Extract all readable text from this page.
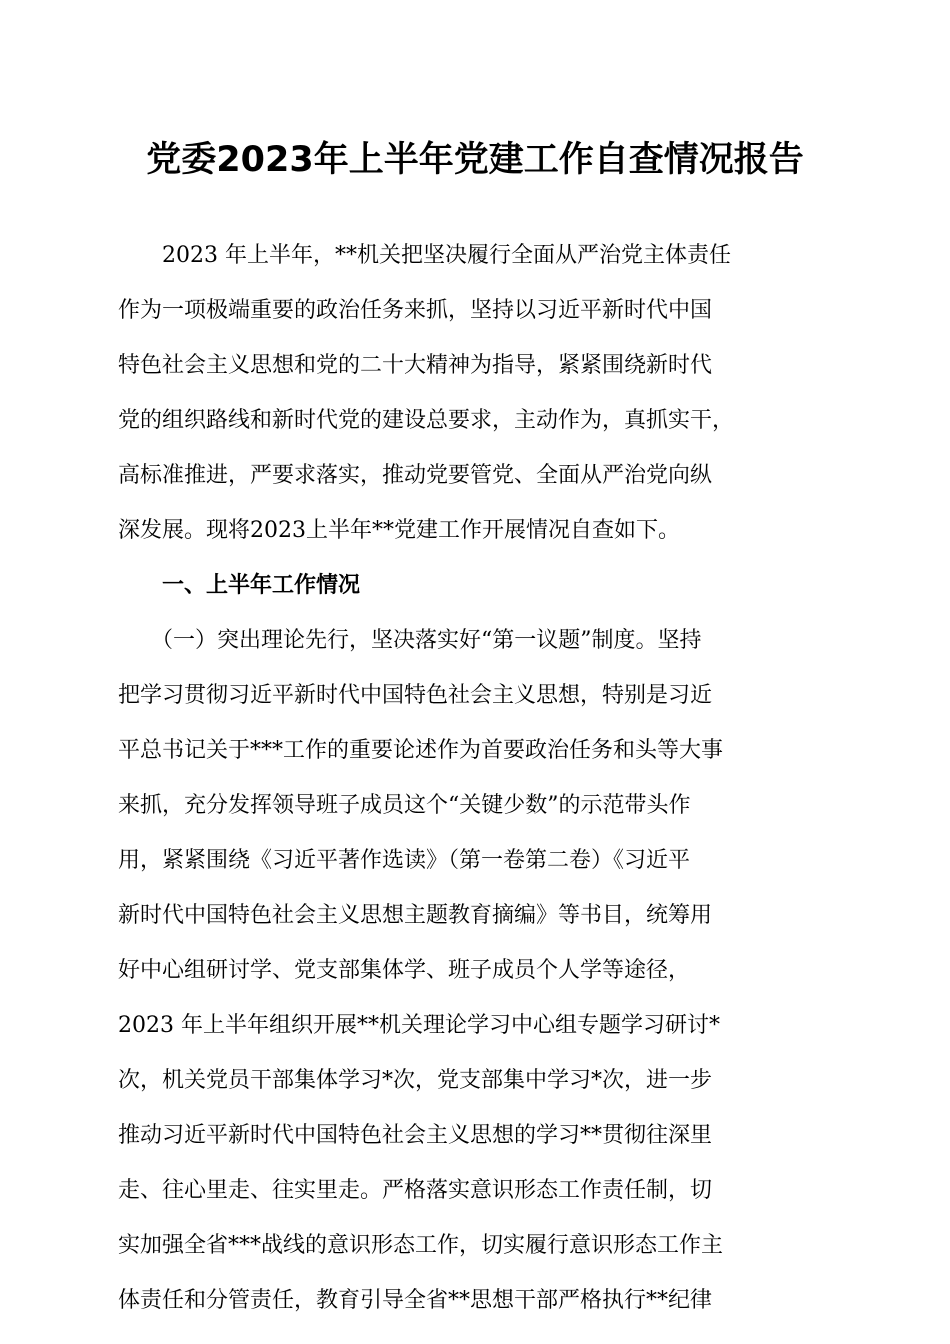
党委2023年上半年党建工作自查情况报告
　　2023 年上半年，**机关把坚决履行全面从严治党主体责任
作为一项极端重要的政治任务来抓，坚持以习近平新时代中国
特色社会主义思想和党的二十大精神为指导，紧紧围绕新时代
党的组织路线和新时代党的建设总要求，主动作为，真抓实干，
高标准推进，严要求落实，推动党要管党、全面从严治党向纵
深发展。现将2023上半年**党建工作开展情况自查如下。
　　一、上半年工作情况
　　（一）突出理论先行，坚决落实好“第一议题”制度。坚持
把学习贯彻习近平新时代中国特色社会主义思想，特别是习近
平总书记关于***工作的重要论述作为首要政治任务和头等大事
来抓，充分发挥领导班子成员这个“关键少数”的示范带头作
用，紧紧围绕《习近平著作选读》（第一卷第二卷）《习近平
新时代中国特色社会主义思想主题教育摘编》等书目，统筹用
好中心组研讨学、党支部集体学、班子成员个人学等途径，
2023 年上半年组织开展**机关理论学习中心组专题学习研讨*
次，机关党员干部集体学习*次，党支部集中学习*次，进一步
推动习近平新时代中国特色社会主义思想的学习**贯彻往深里
走、往心里走、往实里走。严格落实意识形态工作责任制，切
实加强全省***战线的意识形态工作，切实履行意识形态工作主
体责任和分管责任，教育引导全省**思想干部严格执行**纪律
